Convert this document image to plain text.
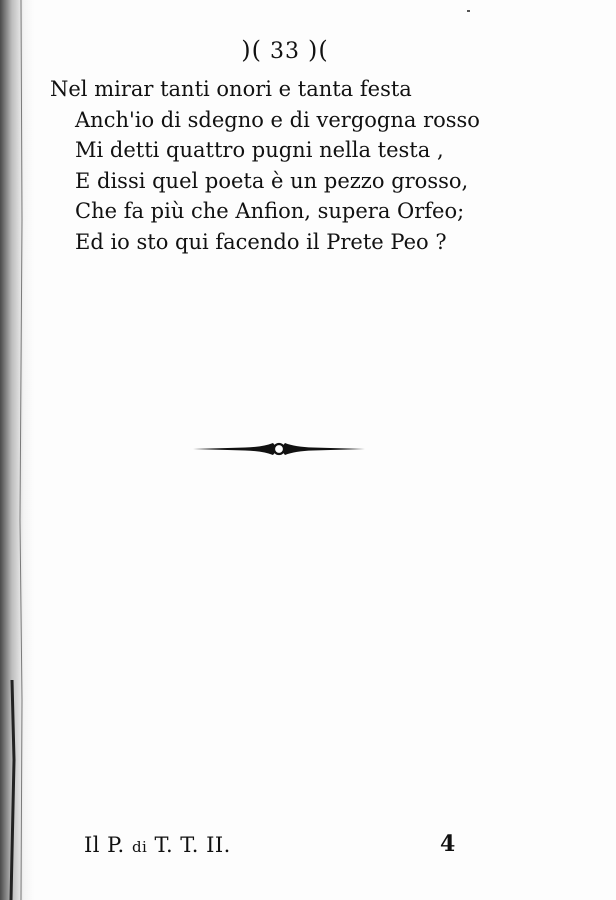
)( 33 )(
Nel mirar tanti onori e tanta festa
Anch'io di sdegno e di vergogna rosso
Mi detti quattro pugni nella testa ,
E dissi quel poeta è un pezzo grosso,
Che fa più che Anfion, supera Orfeo;
Ed io sto qui facendo il Prete Peo ?
Il P. di T. T. II.	4
